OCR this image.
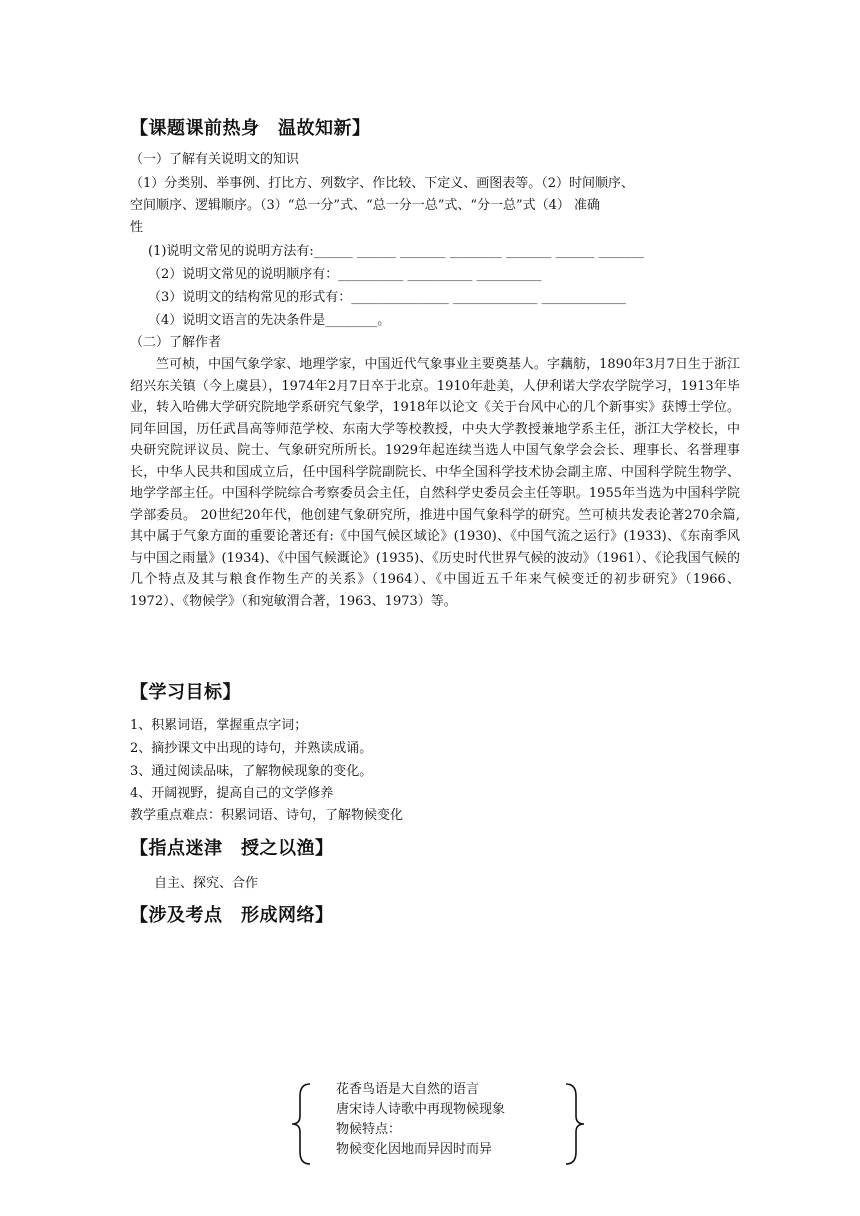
【课题课前热身　温故知新】
（一）了解有关说明文的知识
（1）分类别、举事例、打比方、列数字、作比较、下定义、画图表等。（2）时间顺序、
空间顺序、逻辑顺序。（3）“总一分”式、“总一分一总”式、“分一总”式（4） 准确
性
(1)说明文常见的说明方法有:______ ______ _______ ________ _______ ______ _______
（2）说明文常见的说明顺序有：__________ __________ __________
（3）说明文的结构常见的形式有：_______________ _____________ _____________
（4）说明文语言的先决条件是________。
（二）了解作者
竺可桢，中国气象学家、地理学家，中国近代气象事业主要奠基人。字藕舫，1890年3月7日生于浙江绍兴东关镇（今上虞县），1974年2月7日卒于北京。1910年赴美，人伊利诺大学农学院学习，1913年毕业，转入哈佛大学研究院地学系研究气象学，1918年以论文《关于台风中心的几个新事实》获博士学位。同年回国，历任武昌高等师范学校、东南大学等校教授，中央大学教授兼地学系主任，浙江大学校长，中央研究院评议员、院士、气象研究所所长。1929年起连续当选人中国气象学会会长、理事长、名誉理事长，中华人民共和国成立后，任中国科学院副院长、中华全国科学技术协会副主席、中国科学院生物学、地学学部主任。中国科学院综合考察委员会主任，自然科学史委员会主任等职。1955年当选为中国科学院学部委员。 20世纪20年代，他创建气象研究所，推进中国气象科学的研究。竺可桢共发表论著270余篇,其中属于气象方面的重要论著还有:《中国气候区域论》(1930)、《中国气流之运行》(1933)、《东南季风与中国之雨量》(1934)、《中国气候溉论》(1935)、《历史时代世界气候的波动》（1961）、《论我国气候的几个特点及其与粮食作物生产的关系》（1964）、《中国近五千年来气候变迁的初步研究》（1966、1972）、《物候学》（和宛敏渭合著，1963、1973）等。
【学习目标】
1、积累词语，掌握重点字词；
2、摘抄课文中出现的诗句，并熟读成诵。
3、通过阅读品味，了解物候现象的变化。
4、开阔视野，提高自己的文学修养
教学重点难点：积累词语、诗句，了解物候变化
【指点迷津　授之以渔】
自主、探究、合作
【涉及考点　形成网络】
花香鸟语是大自然的语言
唐宋诗人诗歌中再现物候现象
物候特点：
物候变化因地而异因时而异
